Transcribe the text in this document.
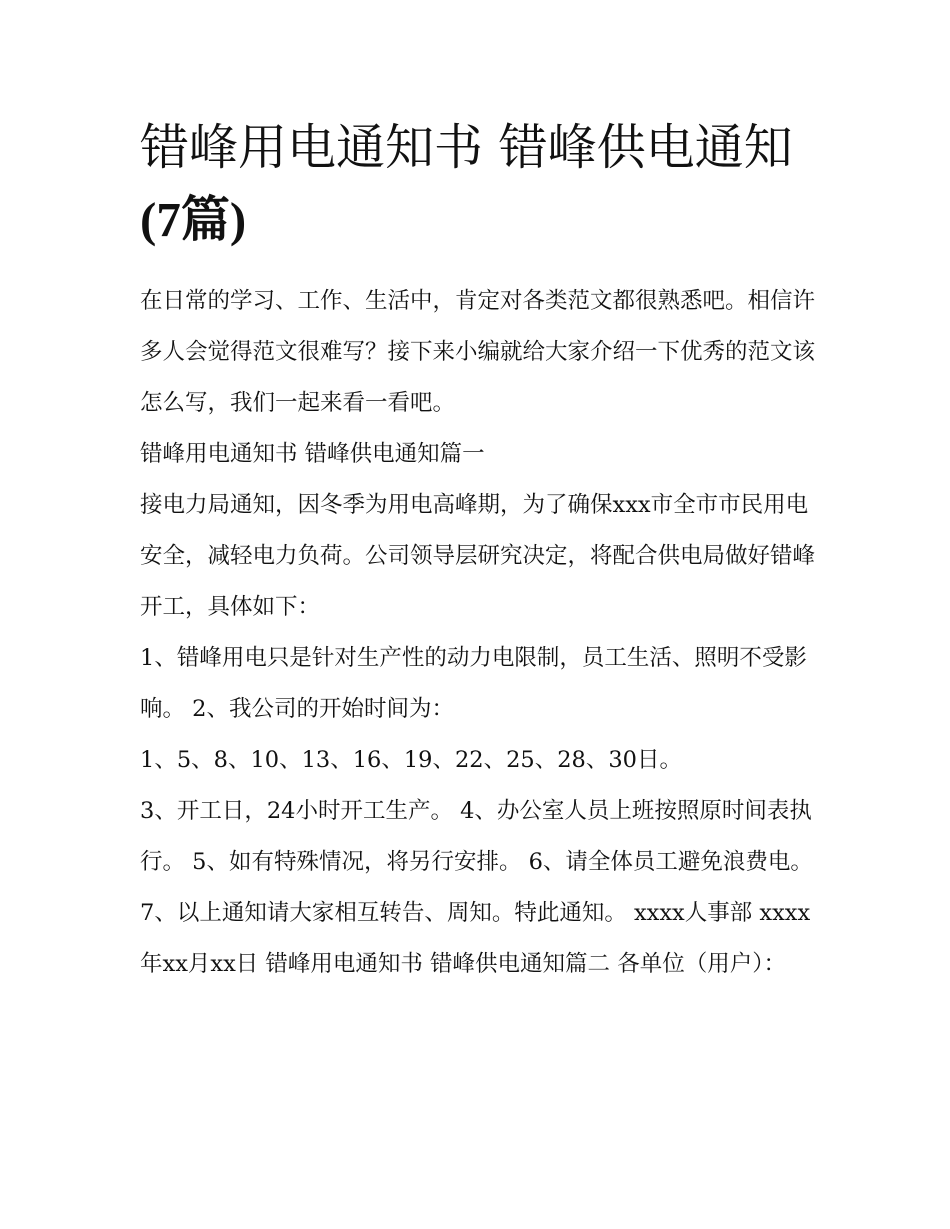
错峰用电通知书 错峰供电通知
(7篇)

在日常的学习、工作、生活中，肯定对各类范文都很熟悉吧。相信许多人会觉得范文很难写？接下来小编就给大家介绍一下优秀的范文该怎么写，我们一起来看一看吧。

错峰用电通知书 错峰供电通知篇一

接电力局通知，因冬季为用电高峰期，为了确保xxx市全市市民用电安全，减轻电力负荷。公司领导层研究决定，将配合供电局做好错峰开工，具体如下：

1、错峰用电只是针对生产性的动力电限制，员工生活、照明不受影响。 2、我公司的开始时间为：

1、5、8、10、13、16、19、22、25、28、30日。

3、开工日，24小时开工生产。 4、办公室人员上班按照原时间表执行。 5、如有特殊情况，将另行安排。 6、请全体员工避免浪费电。

7、以上通知请大家相互转告、周知。特此通知。 xxxx人事部 xxxx年xx月xx日 错峰用电通知书 错峰供电通知篇二 各单位（用户）：
